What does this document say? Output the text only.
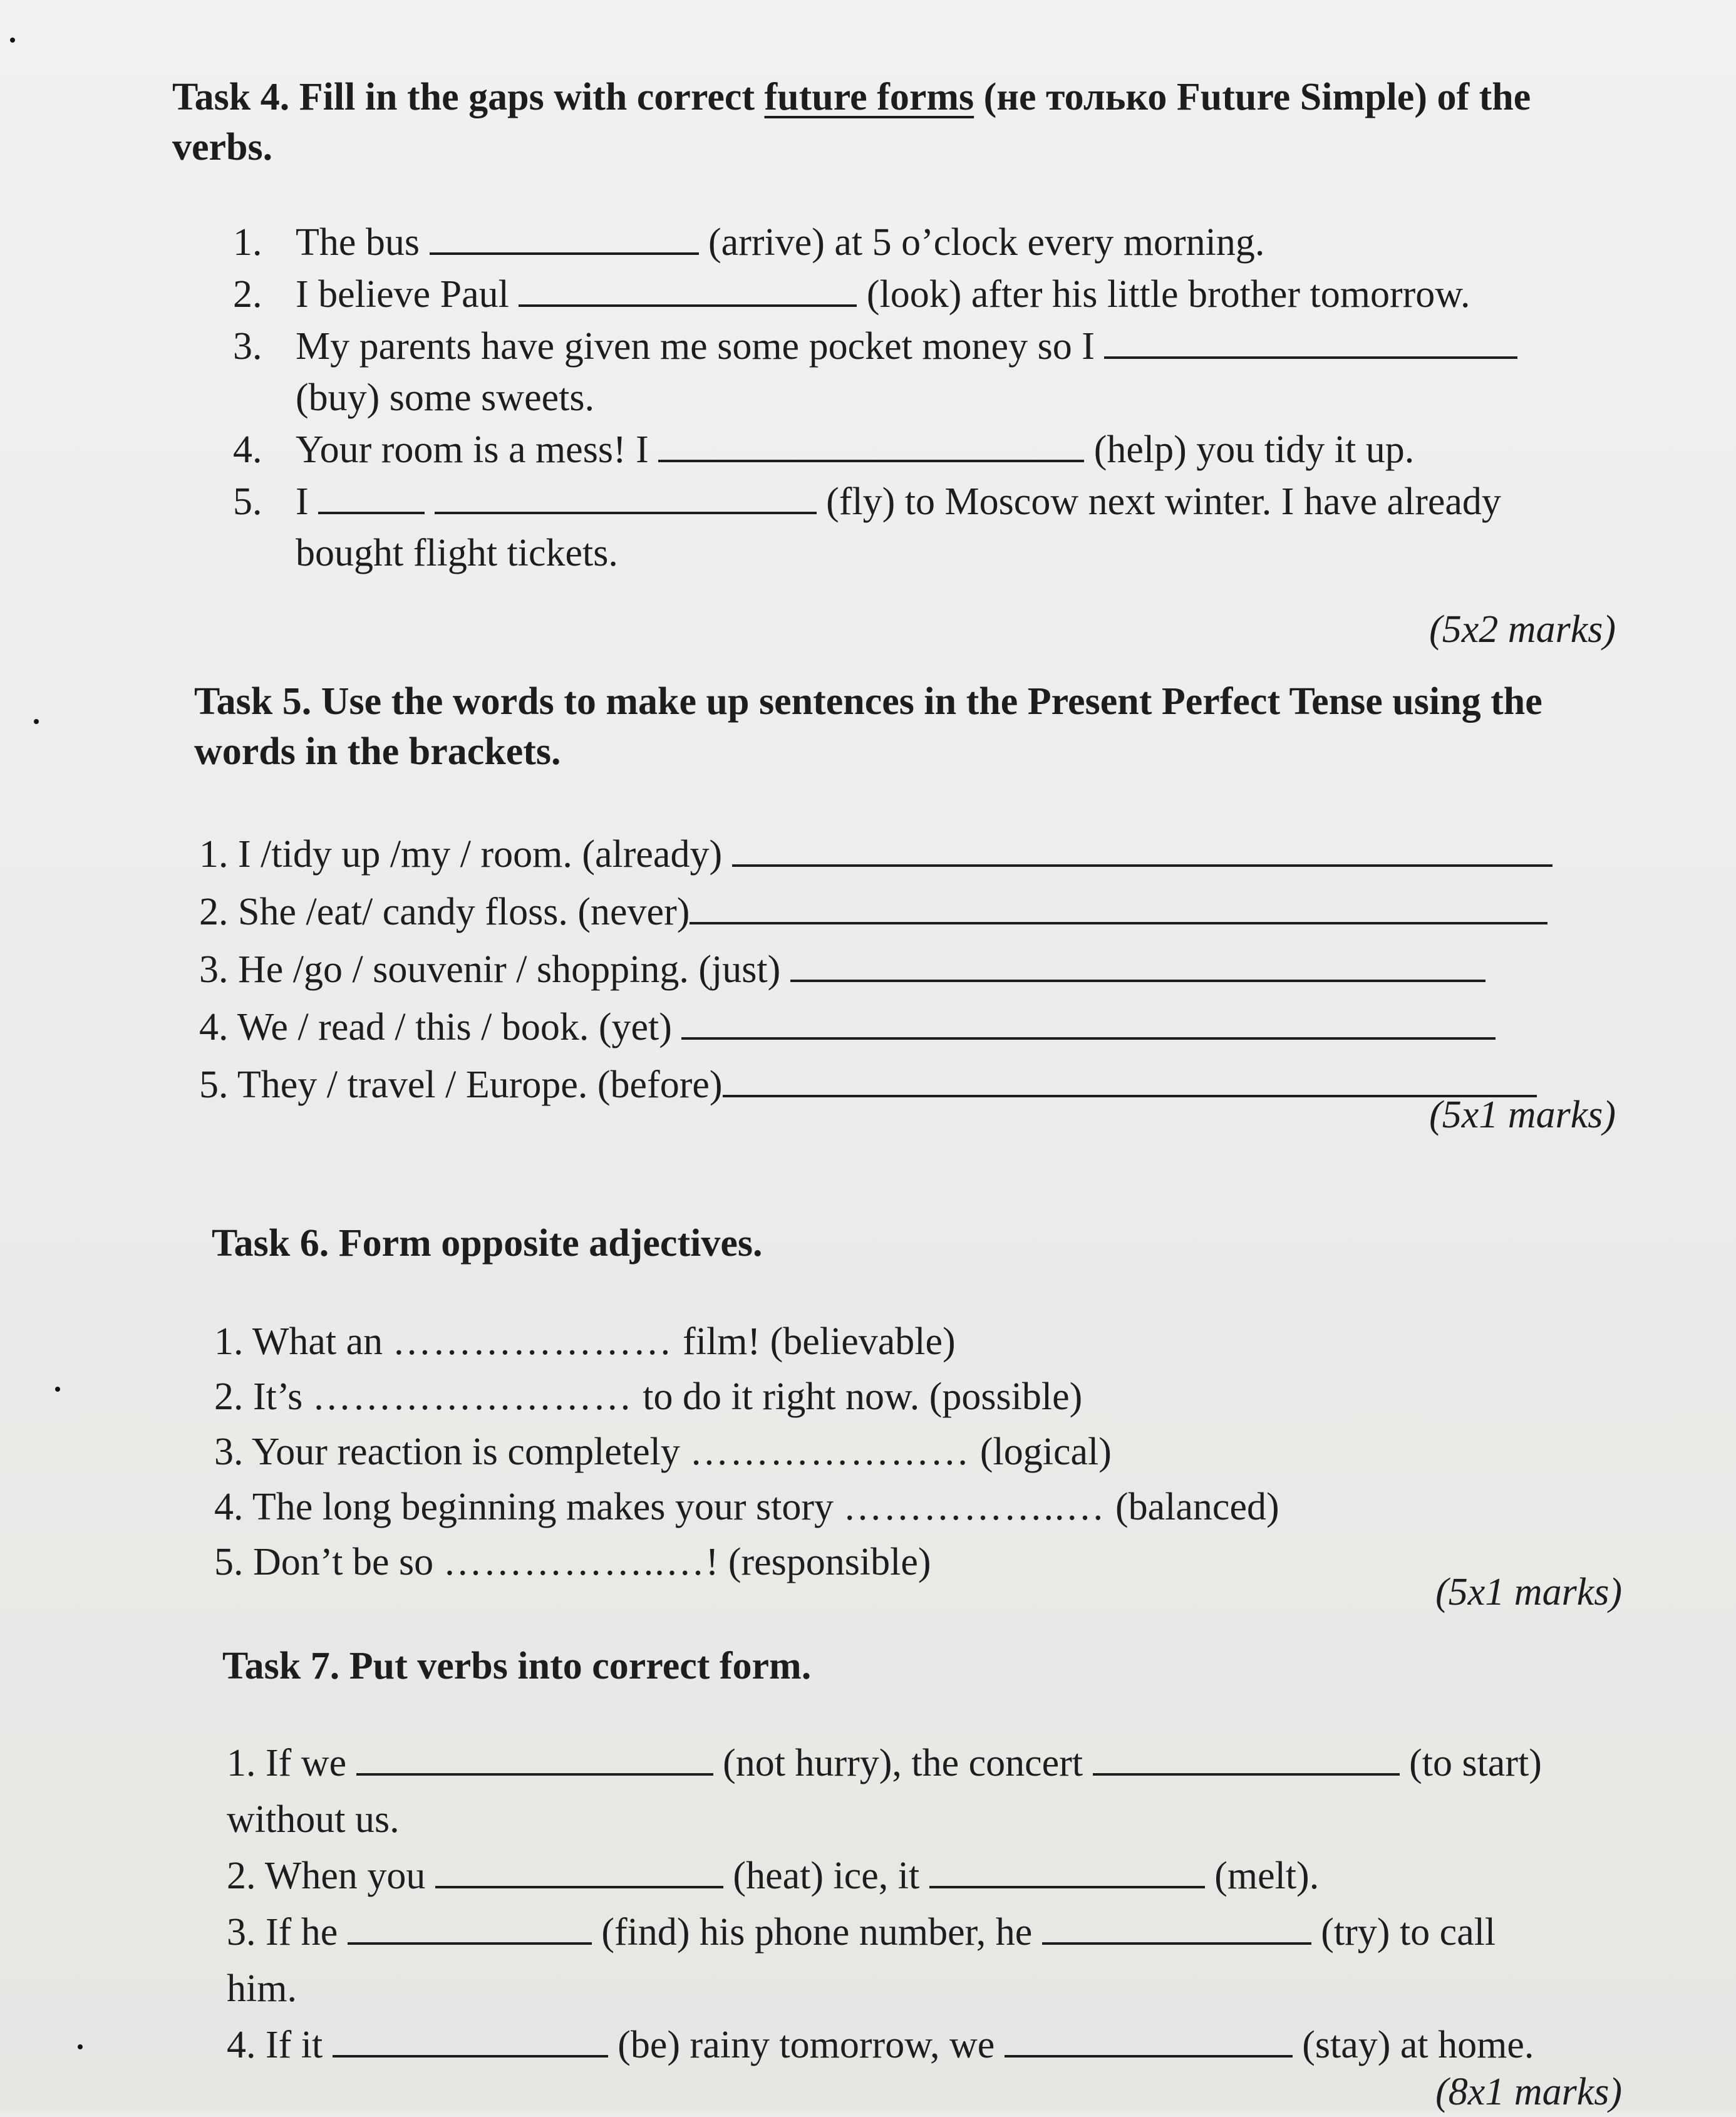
Task 4. Fill in the gaps with correct future forms (не только Future Simple) of the verbs.

1. The bus	(arrive) at 5 o’clock every morning.
2. I believe Paul	(look) after his little brother tomorrow.
3. My parents have given me some pocket money so I
(buy) some sweets.
4. Your room is a mess! I	(help) you tidy it up.
5. I	(fly) to Moscow next winter. I have already
bought flight tickets.
(5x2 marks)

Task 5. Use the words to make up sentences in the Present Perfect Tense using the words in the brackets.

1. I /tidy up /my / room. (already)
2. She /eat/ candy floss. (never)
3. He /go / souvenir / shopping. (just)
4. We / read / this / book. (yet)
5. They / travel / Europe. (before)
(5x1 marks)

Task 6. Form opposite adjectives.

1. What an ………………… film! (believable)
2. It’s …………………… to do it right now. (possible)
3. Your reaction is completely ………………… (logical)
4. The long beginning makes your story ……………..… (balanced)
5. Don’t be so ……………..…! (responsible)
(5x1 marks)

Task 7. Put verbs into correct form.

1. If we	(not hurry), the concert	(to start)
without us.
2. When you	(heat) ice, it	(melt).
3. If he	(find) his phone number, he	(try) to call
him.
4. If it	(be) rainy tomorrow, we	(stay) at home.
(8x1 marks)
